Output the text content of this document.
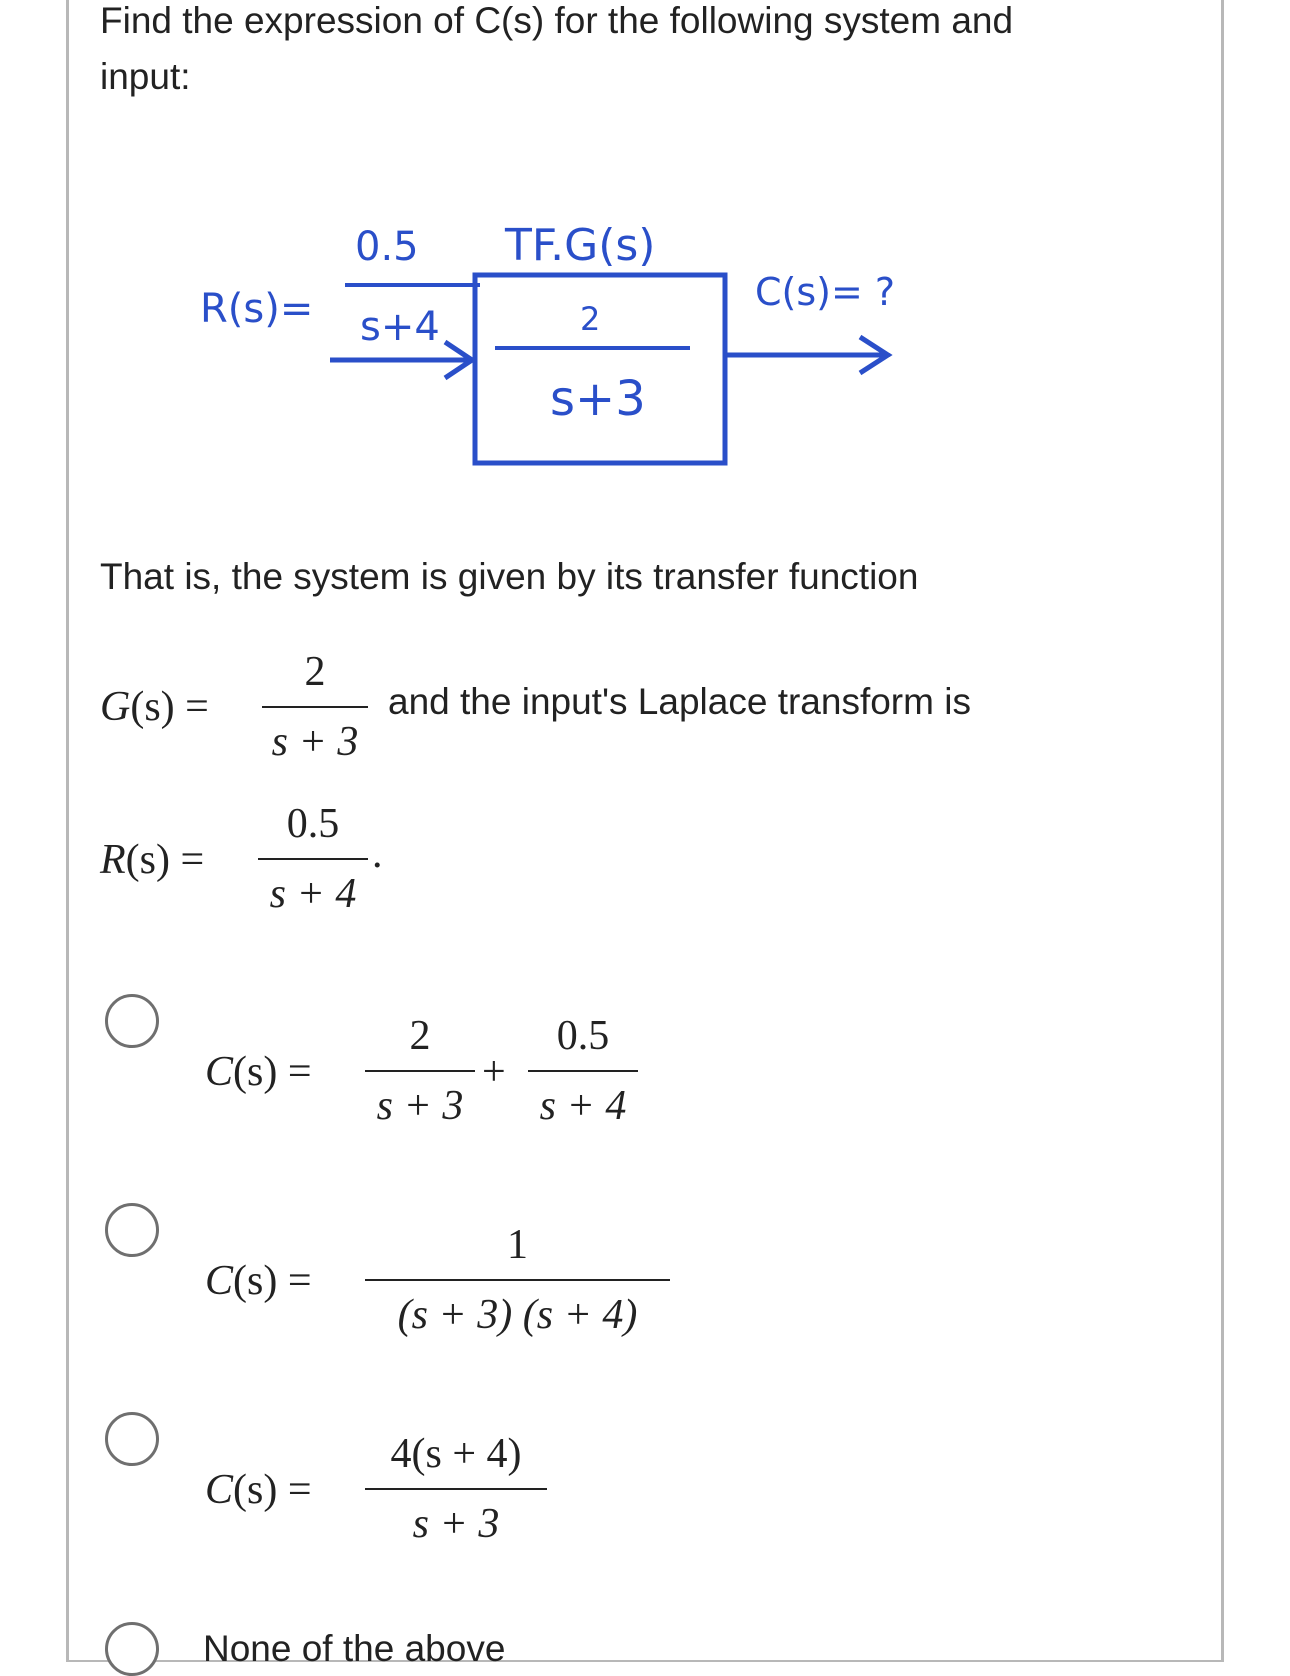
Find the expression of C(s) for the following system and

input:

R(s)=
0.5
s+4
TF.G(s)
2
s+3
C(s)= ?

That is, the system is given by its transfer function

G(s) =
2
s + 3

and the input's Laplace transform is

R(s) =
0.5
s + 4
.
C(s) =
2
s + 3
+
0.5
s + 4
C(s) =
1
(s + 3) (s + 4)
C(s) =
4(s + 4)
s + 3
None of the above
